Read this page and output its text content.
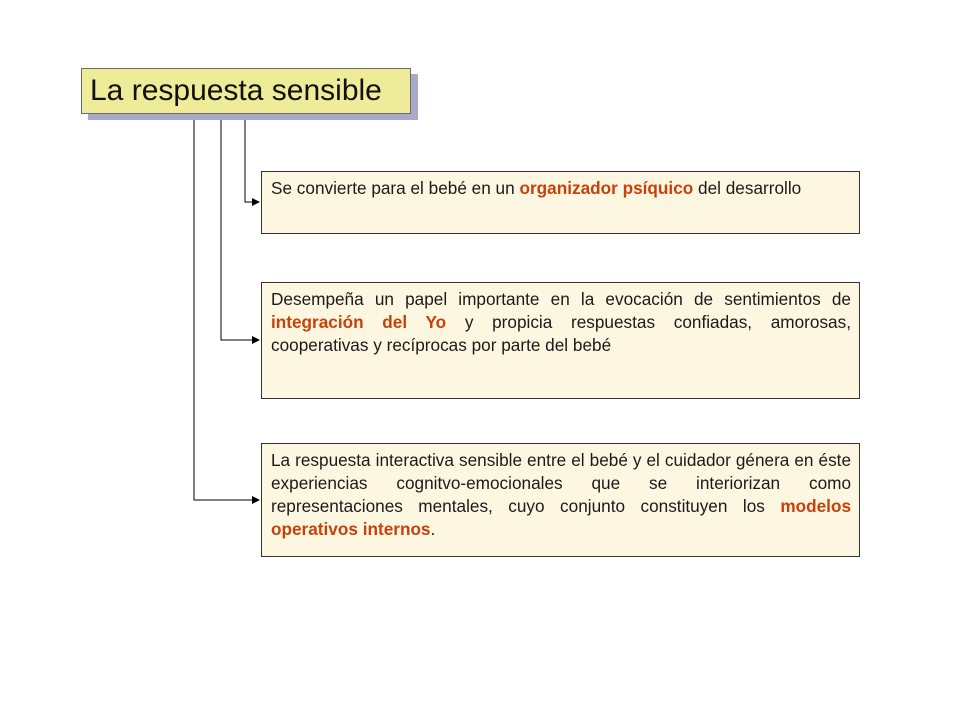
La respuesta sensible
Se convierte para el bebé en un organizador psíquico del desarrollo
Desempeña un papel importante en la evocación de sentimientos de integración del Yo y propicia respuestas confiadas, amorosas, cooperativas y recíprocas por parte del bebé
La respuesta interactiva sensible entre el bebé y el cuidador génera en éste experiencias cognitvo-emocionales que se interiorizan como representaciones mentales, cuyo conjunto constituyen los modelos operativos internos.
